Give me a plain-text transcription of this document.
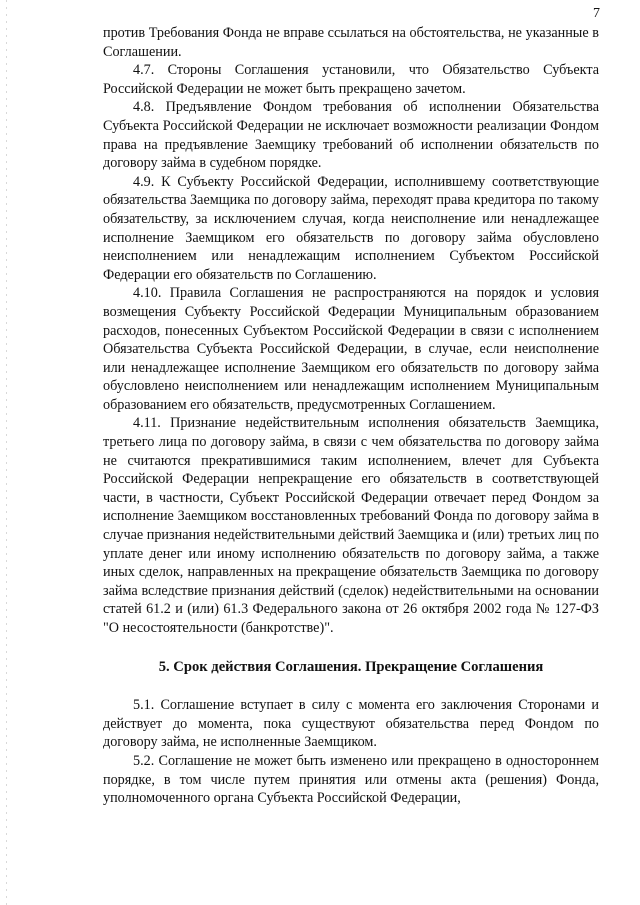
7

против Требования Фонда не вправе ссылаться на обстоятельства, не указанные в Соглашении.

4.7. Стороны Соглашения установили, что Обязательство Субъекта Российской Федерации не может быть прекращено зачетом.

4.8. Предъявление Фондом требования об исполнении Обязательства Субъекта Российской Федерации не исключает возможности реализации Фондом права на предъявление Заемщику требований об исполнении обязательств по договору займа в судебном порядке.

4.9. К Субъекту Российской Федерации, исполнившему соответствующие обязательства Заемщика по договору займа, переходят права кредитора по такому обязательству, за исключением случая, когда неисполнение или ненадлежащее исполнение Заемщиком его обязательств по договору займа обусловлено неисполнением или ненадлежащим исполнением Субъектом Российской Федерации его обязательств по Соглашению.

4.10. Правила Соглашения не распространяются на порядок и условия возмещения Субъекту Российской Федерации Муниципальным образованием расходов, понесенных Субъектом Российской Федерации в связи с исполнением Обязательства Субъекта Российской Федерации, в случае, если неисполнение или ненадлежащее исполнение Заемщиком его обязательств по договору займа обусловлено неисполнением или ненадлежащим исполнением Муниципальным образованием его обязательств, предусмотренных Соглашением.

4.11. Признание недействительным исполнения обязательств Заемщика, третьего лица по договору займа, в связи с чем обязательства по договору займа не считаются прекратившимися таким исполнением, влечет для Субъекта Российской Федерации непрекращение его обязательств в соответствующей части, в частности, Субъект Российской Федерации отвечает перед Фондом за исполнение Заемщиком восстановленных требований Фонда по договору займа в случае признания недействительными действий Заемщика и (или) третьих лиц по уплате денег или иному исполнению обязательств по договору займа, а также иных сделок, направленных на прекращение обязательств Заемщика по договору займа вследствие признания действий (сделок) недействительными на основании статей 61.2 и (или) 61.3 Федерального закона от 26 октября 2002 года № 127-ФЗ "О несостоятельности (банкротстве)".

5. Срок действия Соглашения. Прекращение Соглашения

5.1. Соглашение вступает в силу с момента его заключения Сторонами и действует до момента, пока существуют обязательства перед Фондом по договору займа, не исполненные Заемщиком.

5.2. Соглашение не может быть изменено или прекращено в одностороннем порядке, в том числе путем принятия или отмены акта (решения) Фонда, уполномоченного органа Субъекта Российской Федерации,
